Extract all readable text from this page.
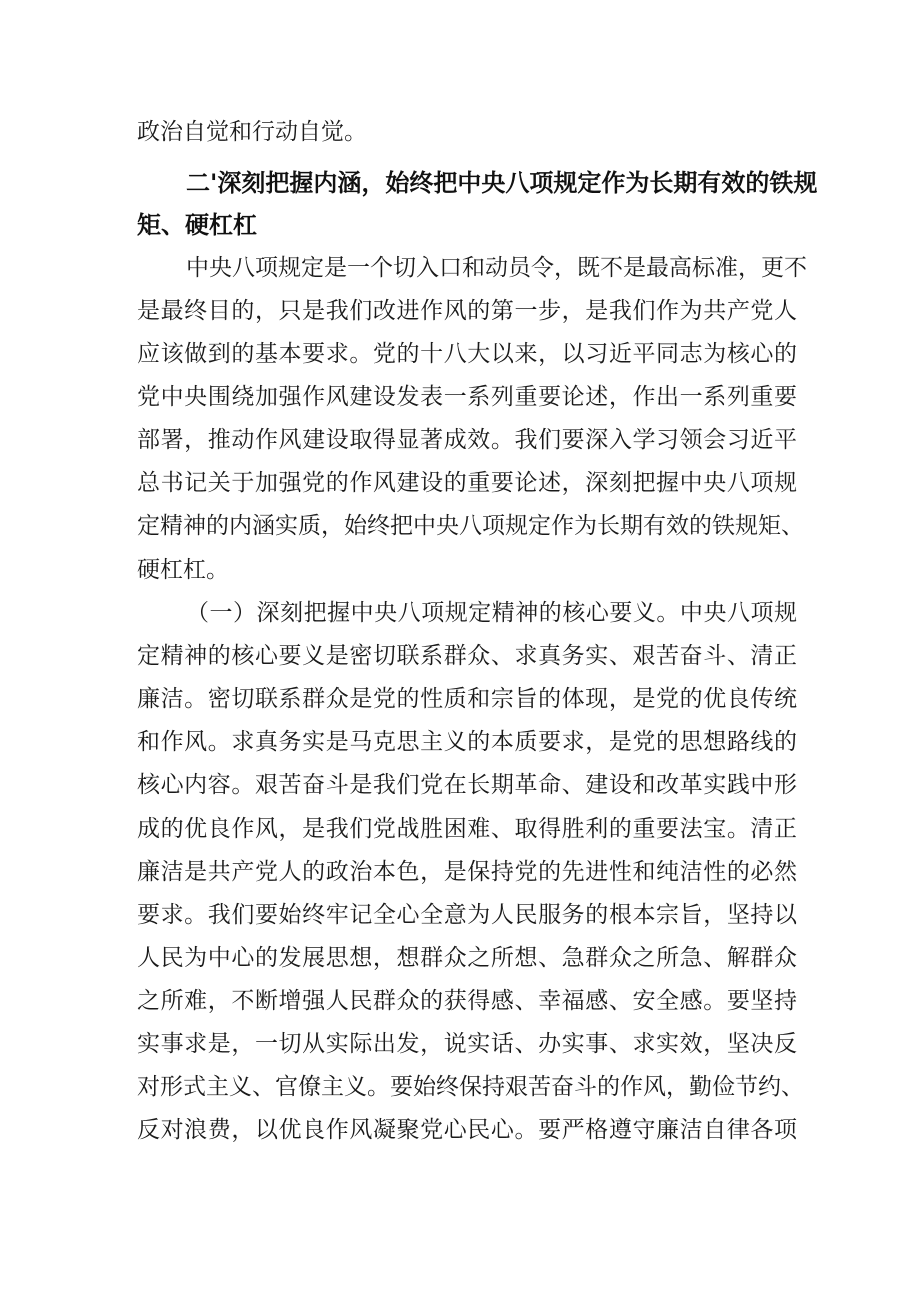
政治自觉和行动自觉。
二'深刻把握内涵，始终把中央八项规定作为长期有效的铁规
矩、硬杠杠
中央八项规定是一个切入口和动员令，既不是最高标准，更不
是最终目的，只是我们改进作风的第一步，是我们作为共产党人
应该做到的基本要求。党的十八大以来，以习近平同志为核心的
党中央围绕加强作风建设发表一系列重要论述，作出一系列重要
部署，推动作风建设取得显著成效。我们要深入学习领会习近平
总书记关于加强党的作风建设的重要论述，深刻把握中央八项规
定精神的内涵实质，始终把中央八项规定作为长期有效的铁规矩、
硬杠杠。
（一）深刻把握中央八项规定精神的核心要义。中央八项规
定精神的核心要义是密切联系群众、求真务实、艰苦奋斗、清正
廉洁。密切联系群众是党的性质和宗旨的体现，是党的优良传统
和作风。求真务实是马克思主义的本质要求，是党的思想路线的
核心内容。艰苦奋斗是我们党在长期革命、建设和改革实践中形
成的优良作风，是我们党战胜困难、取得胜利的重要法宝。清正
廉洁是共产党人的政治本色，是保持党的先进性和纯洁性的必然
要求。我们要始终牢记全心全意为人民服务的根本宗旨，坚持以
人民为中心的发展思想，想群众之所想、急群众之所急、解群众
之所难，不断增强人民群众的获得感、幸福感、安全感。要坚持
实事求是，一切从实际出发，说实话、办实事、求实效，坚决反
对形式主义、官僚主义。要始终保持艰苦奋斗的作风，勤俭节约、
反对浪费，以优良作风凝聚党心民心。要严格遵守廉洁自律各项
